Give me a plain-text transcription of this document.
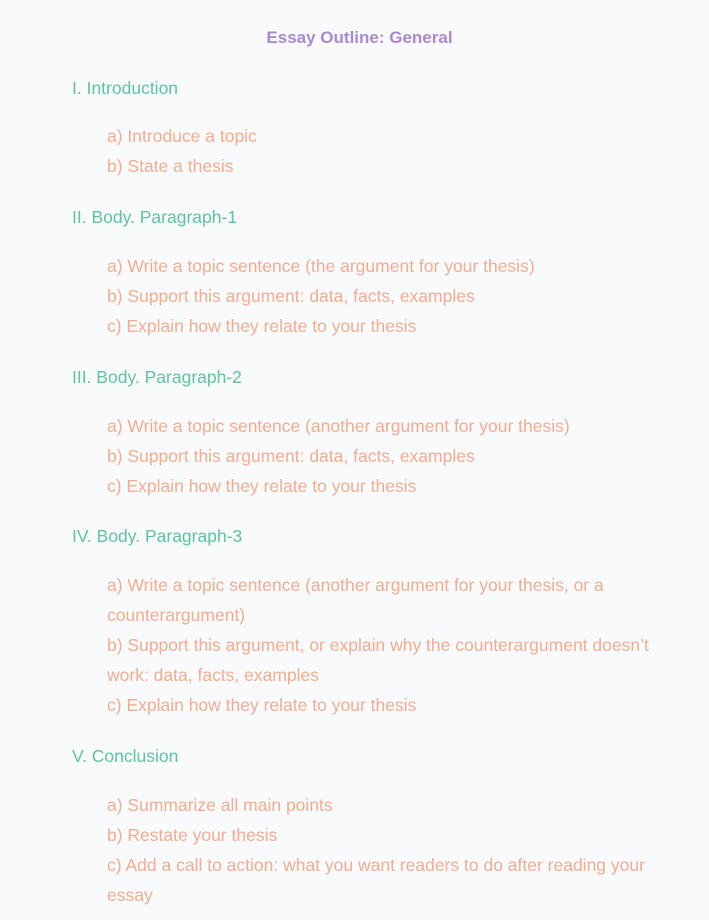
Essay Outline: General
I. Introduction
a) Introduce a topic
b) State a thesis
II. Body. Paragraph-1
a) Write a topic sentence (the argument for your thesis)
b) Support this argument: data, facts, examples
c) Explain how they relate to your thesis
III. Body. Paragraph-2
a) Write a topic sentence (another argument for your thesis)
b) Support this argument: data, facts, examples
c) Explain how they relate to your thesis
IV. Body. Paragraph-3
a) Write a topic sentence (another argument for your thesis, or a counterargument)
b) Support this argument, or explain why the counterargument doesn’t work: data, facts, examples
c) Explain how they relate to your thesis
V. Conclusion
a) Summarize all main points
b) Restate your thesis
c) Add a call to action: what you want readers to do after reading your essay
